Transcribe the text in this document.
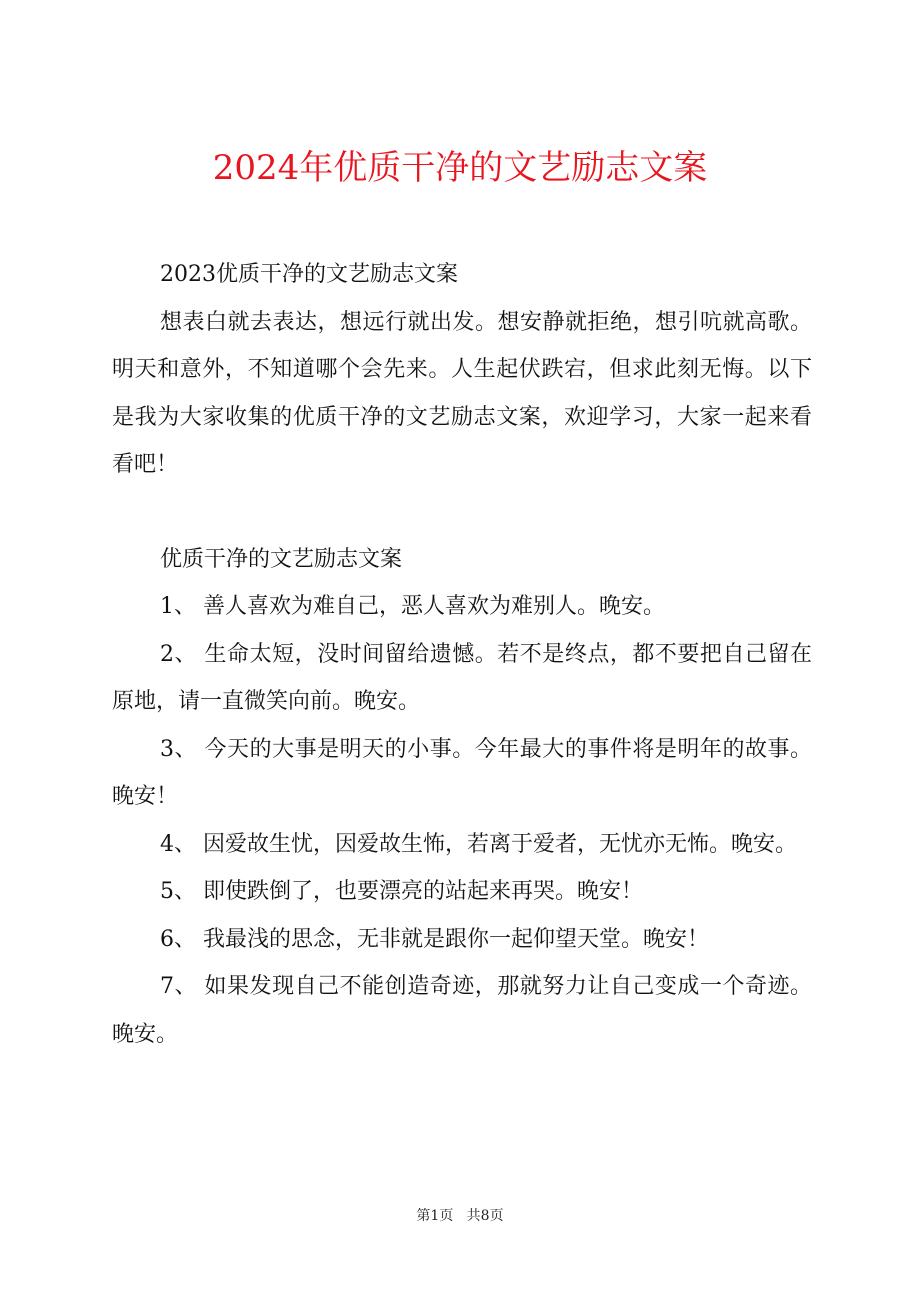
2024年优质干净的文艺励志文案

2023优质干净的文艺励志文案

想表白就去表达，想远行就出发。想安静就拒绝，想引吭就高歌。明天和意外，不知道哪个会先来。人生起伏跌宕，但求此刻无悔。以下是我为大家收集的优质干净的文艺励志文案，欢迎学习，大家一起来看看吧！

优质干净的文艺励志文案

1、 善人喜欢为难自己，恶人喜欢为难别人。晚安。

2、 生命太短，没时间留给遗憾。若不是终点，都不要把自己留在原地，请一直微笑向前。晚安。

3、 今天的大事是明天的小事。今年最大的事件将是明年的故事。晚安！

4、 因爱故生忧，因爱故生怖，若离于爱者，无忧亦无怖。晚安。

5、 即使跌倒了，也要漂亮的站起来再哭。晚安！

6、 我最浅的思念，无非就是跟你一起仰望天堂。晚安！

7、 如果发现自己不能创造奇迹，那就努力让自己变成一个奇迹。晚安。

第1页   共8页
